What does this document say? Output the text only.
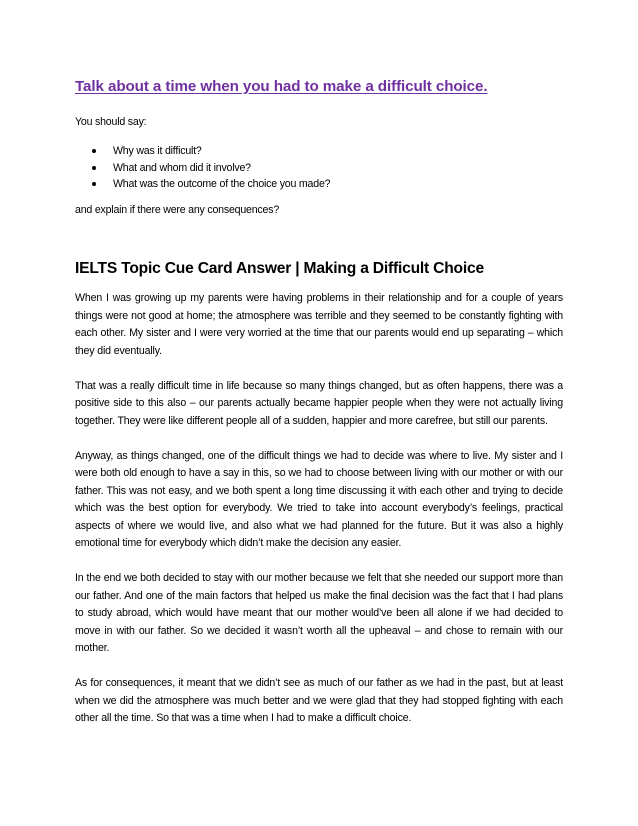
Talk about a time when you had to make a difficult choice.
You should say:
Why was it difficult?
What and whom did it involve?
What was the outcome of the choice you made?
and explain if there were any consequences?
IELTS Topic Cue Card Answer | Making a Difficult Choice

When I was growing up my parents were having problems in their relationship and for a couple of years things were not good at home; the atmosphere was terrible and they seemed to be constantly fighting with each other. My sister and I were very worried at the time that our parents would end up separating – which they did eventually.

That was a really difficult time in life because so many things changed, but as often happens, there was a positive side to this also – our parents actually became happier people when they were not actually living together. They were like different people all of a sudden, happier and more carefree, but still our parents.

Anyway, as things changed, one of the difficult things we had to decide was where to live. My sister and I were both old enough to have a say in this, so we had to choose between living with our mother or with our father. This was not easy, and we both spent a long time discussing it with each other and trying to decide which was the best option for everybody. We tried to take into account everybody’s feelings, practical aspects of where we would live, and also what we had planned for the future. But it was also a highly emotional time for everybody which didn’t make the decision any easier.

In the end we both decided to stay with our mother because we felt that she needed our support more than our father. And one of the main factors that helped us make the final decision was the fact that I had plans to study abroad, which would have meant that our mother would’ve been all alone if we had decided to move in with our father. So we decided it wasn’t worth all the upheaval – and chose to remain with our mother.

As for consequences, it meant that we didn’t see as much of our father as we had in the past, but at least when we did the atmosphere was much better and we were glad that they had stopped fighting with each other all the time. So that was a time when I had to make a difficult choice.
